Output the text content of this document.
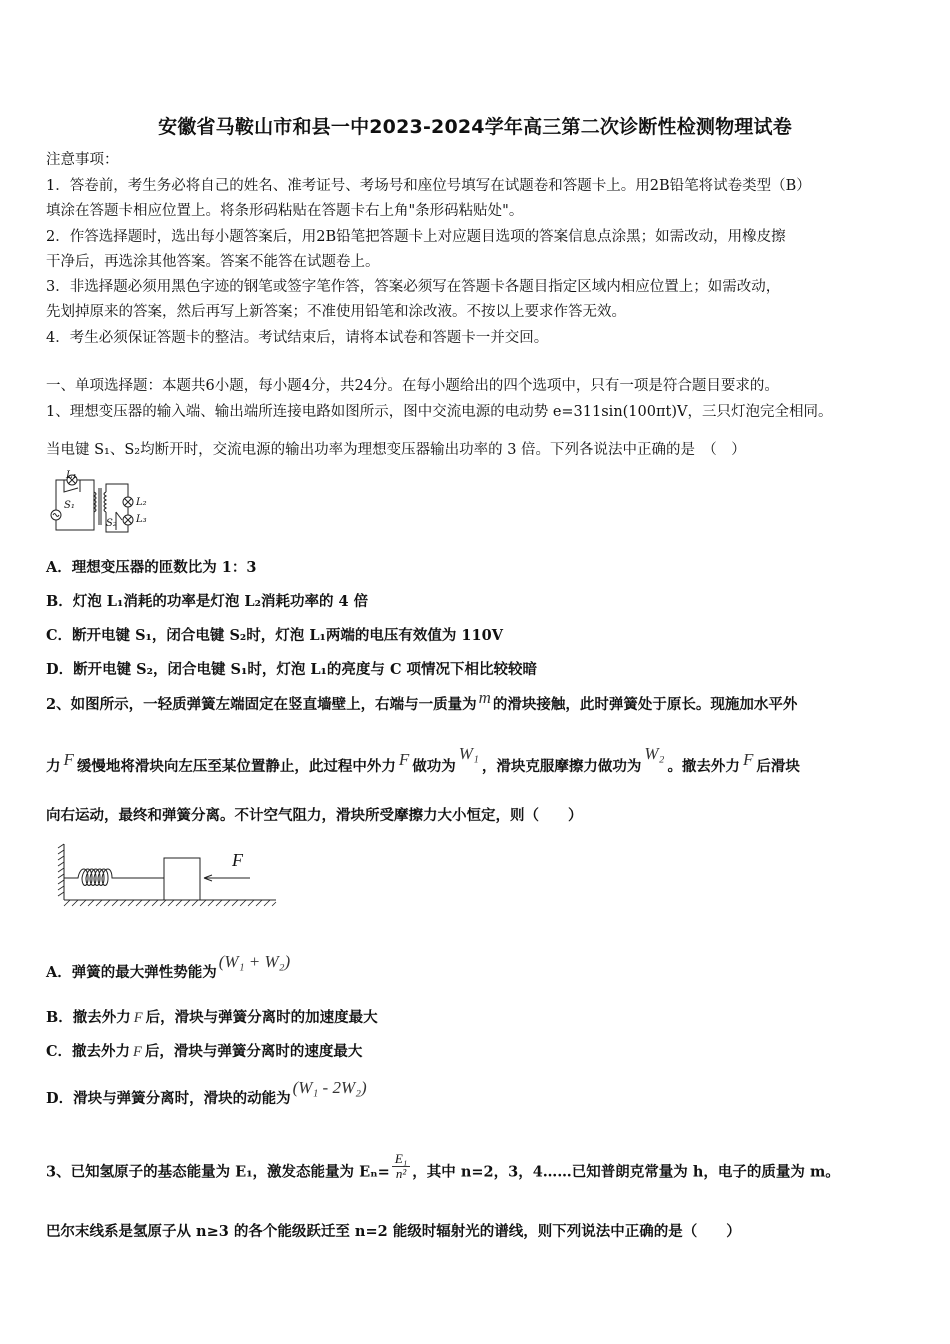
安徽省马鞍山市和县一中2023-2024学年高三第二次诊断性检测物理试卷
注意事项：
1．答卷前，考生务必将自己的姓名、准考证号、考场号和座位号填写在试题卷和答题卡上。用2B铅笔将试卷类型（B）
填涂在答题卡相应位置上。将条形码粘贴在答题卡右上角"条形码粘贴处"。
2．作答选择题时，选出每小题答案后，用2B铅笔把答题卡上对应题目选项的答案信息点涂黑；如需改动，用橡皮擦
干净后，再选涂其他答案。答案不能答在试题卷上。
3．非选择题必须用黑色字迹的钢笔或签字笔作答，答案必须写在答题卡各题目指定区域内相应位置上；如需改动，
先划掉原来的答案，然后再写上新答案；不准使用铅笔和涂改液。不按以上要求作答无效。
4．考生必须保证答题卡的整洁。考试结束后，请将本试卷和答题卡一并交回。
一、单项选择题：本题共6小题，每小题4分，共24分。在每小题给出的四个选项中，只有一项是符合题目要求的。
1、理想变压器的输入端、输出端所连接电路如图所示，图中交流电源的电动势 e=311sin(100πt)V，三只灯泡完全相同。
当电键 S₁、S₂均断开时，交流电源的输出功率为理想变压器输出功率的 3 倍。下列各说法中正确的是　（　）
L₁
S₁	L₂
S₂ L₃
A．理想变压器的匝数比为 1：3
B．灯泡 L₁消耗的功率是灯泡 L₂消耗功率的 4 倍
C．断开电键 S₁，闭合电键 S₂时，灯泡 L₁两端的电压有效值为 110V
D．断开电键 S₂，闭合电键 S₁时，灯泡 L₁的亮度与 C 项情况下相比较较暗
2、如图所示，一轻质弹簧左端固定在竖直墙壁上，右端与一质量为 m 的滑块接触，此时弹簧处于原长。现施加水平外
力 F 缓慢地将滑块向左压至某位置静止，此过程中外力 F 做功为W₁，滑块克服摩擦力做功为W₂。撤去外力 F 后滑块
向右运动，最终和弹簧分离。不计空气阻力，滑块所受摩擦力大小恒定，则（　　）
F
A．弹簧的最大弹性势能为(W₁ + W₂)
B．撤去外力 F 后，滑块与弹簧分离时的加速度最大
C．撤去外力 F 后，滑块与弹簧分离时的速度最大
D．滑块与弹簧分离时，滑块的动能为(W₁ - 2W₂)
3、已知氢原子的基态能量为 E₁，激发态能量为 $E_n= \frac{\text{E₁}}{\text{n²}}$ ，其中 n=2，3，4……已知普朗克常量为 h，电子的质量为 m。
巴尔末线系是氢原子从 n≥3 的各个能级跃迁至 n=2 能级时辐射光的谱线，则下列说法中正确的是（　　）
